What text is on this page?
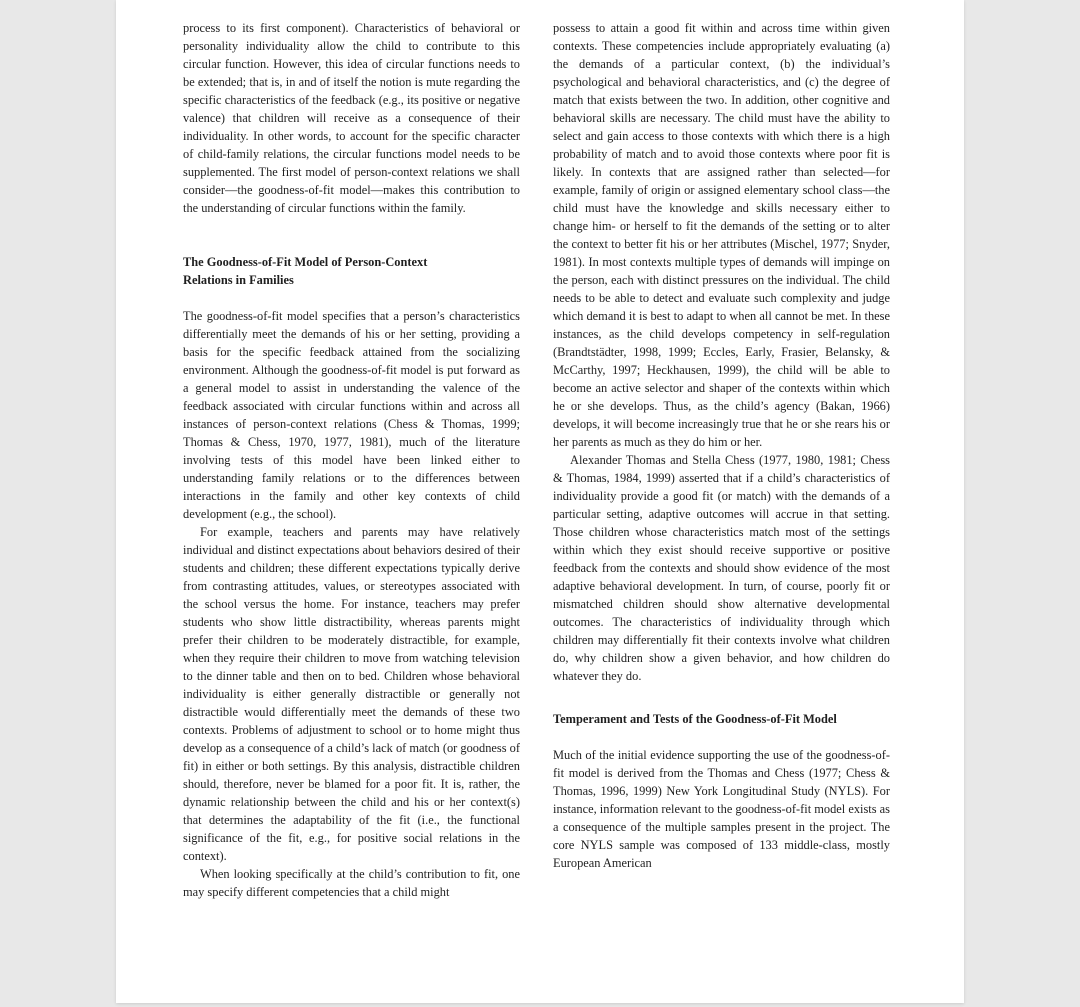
process to its first component). Characteristics of behavioral or personality individuality allow the child to contribute to this circular function. However, this idea of circular functions needs to be extended; that is, in and of itself the notion is mute regarding the specific characteristics of the feedback (e.g., its positive or negative valence) that children will receive as a consequence of their individuality. In other words, to account for the specific character of child-family relations, the circular functions model needs to be supplemented. The first model of person-context relations we shall consider—the goodness-of-fit model—makes this contribution to the understanding of circular functions within the family.

The Goodness-of-Fit Model of Person-Context
Relations in Families

The goodness-of-fit model specifies that a person’s characteristics differentially meet the demands of his or her setting, providing a basis for the specific feedback attained from the socializing environment. Although the goodness-of-fit model is put forward as a general model to assist in understanding the valence of the feedback associated with circular functions within and across all instances of person-context relations (Chess & Thomas, 1999; Thomas & Chess, 1970, 1977, 1981), much of the literature involving tests of this model have been linked either to understanding family relations or to the differences between interactions in the family and other key contexts of child development (e.g., the school).

For example, teachers and parents may have relatively individual and distinct expectations about behaviors desired of their students and children; these different expectations typically derive from contrasting attitudes, values, or stereotypes associated with the school versus the home. For instance, teachers may prefer students who show little distractibility, whereas parents might prefer their children to be moderately distractible, for example, when they require their children to move from watching television to the dinner table and then on to bed. Children whose behavioral individuality is either generally distractible or generally not distractible would differentially meet the demands of these two contexts. Problems of adjustment to school or to home might thus develop as a consequence of a child’s lack of match (or goodness of fit) in either or both settings. By this analysis, distractible children should, therefore, never be blamed for a poor fit. It is, rather, the dynamic relationship between the child and his or her context(s) that determines the adaptability of the fit (i.e., the functional significance of the fit, e.g., for positive social relations in the context).

When looking specifically at the child’s contribution to fit, one may specify different competencies that a child might

possess to attain a good fit within and across time within given contexts. These competencies include appropriately evaluating (a) the demands of a particular context, (b) the individual’s psychological and behavioral characteristics, and (c) the degree of match that exists between the two. In addition, other cognitive and behavioral skills are necessary. The child must have the ability to select and gain access to those contexts with which there is a high probability of match and to avoid those contexts where poor fit is likely. In contexts that are assigned rather than selected—for example, family of origin or assigned elementary school class—the child must have the knowledge and skills necessary either to change him- or herself to fit the demands of the setting or to alter the context to better fit his or her attributes (Mischel, 1977; Snyder, 1981). In most contexts multiple types of demands will impinge on the person, each with distinct pressures on the individual. The child needs to be able to detect and evaluate such complexity and judge which demand it is best to adapt to when all cannot be met. In these instances, as the child develops competency in self-regulation (Brandtstädter, 1998, 1999; Eccles, Early, Frasier, Belansky, & McCarthy, 1997; Heckhausen, 1999), the child will be able to become an active selector and shaper of the contexts within which he or she develops. Thus, as the child’s agency (Bakan, 1966) develops, it will become increasingly true that he or she rears his or her parents as much as they do him or her.

Alexander Thomas and Stella Chess (1977, 1980, 1981; Chess & Thomas, 1984, 1999) asserted that if a child’s characteristics of individuality provide a good fit (or match) with the demands of a particular setting, adaptive outcomes will accrue in that setting. Those children whose characteristics match most of the settings within which they exist should receive supportive or positive feedback from the contexts and should show evidence of the most adaptive behavioral development. In turn, of course, poorly fit or mismatched children should show alternative developmental outcomes. The characteristics of individuality through which children may differentially fit their contexts involve what children do, why children show a given behavior, and how children do whatever they do.

Temperament and Tests of the Goodness-of-Fit Model

Much of the initial evidence supporting the use of the goodness-of-fit model is derived from the Thomas and Chess (1977; Chess & Thomas, 1996, 1999) New York Longitudinal Study (NYLS). For instance, information relevant to the goodness-of-fit model exists as a consequence of the multiple samples present in the project. The core NYLS sample was composed of 133 middle-class, mostly European American
